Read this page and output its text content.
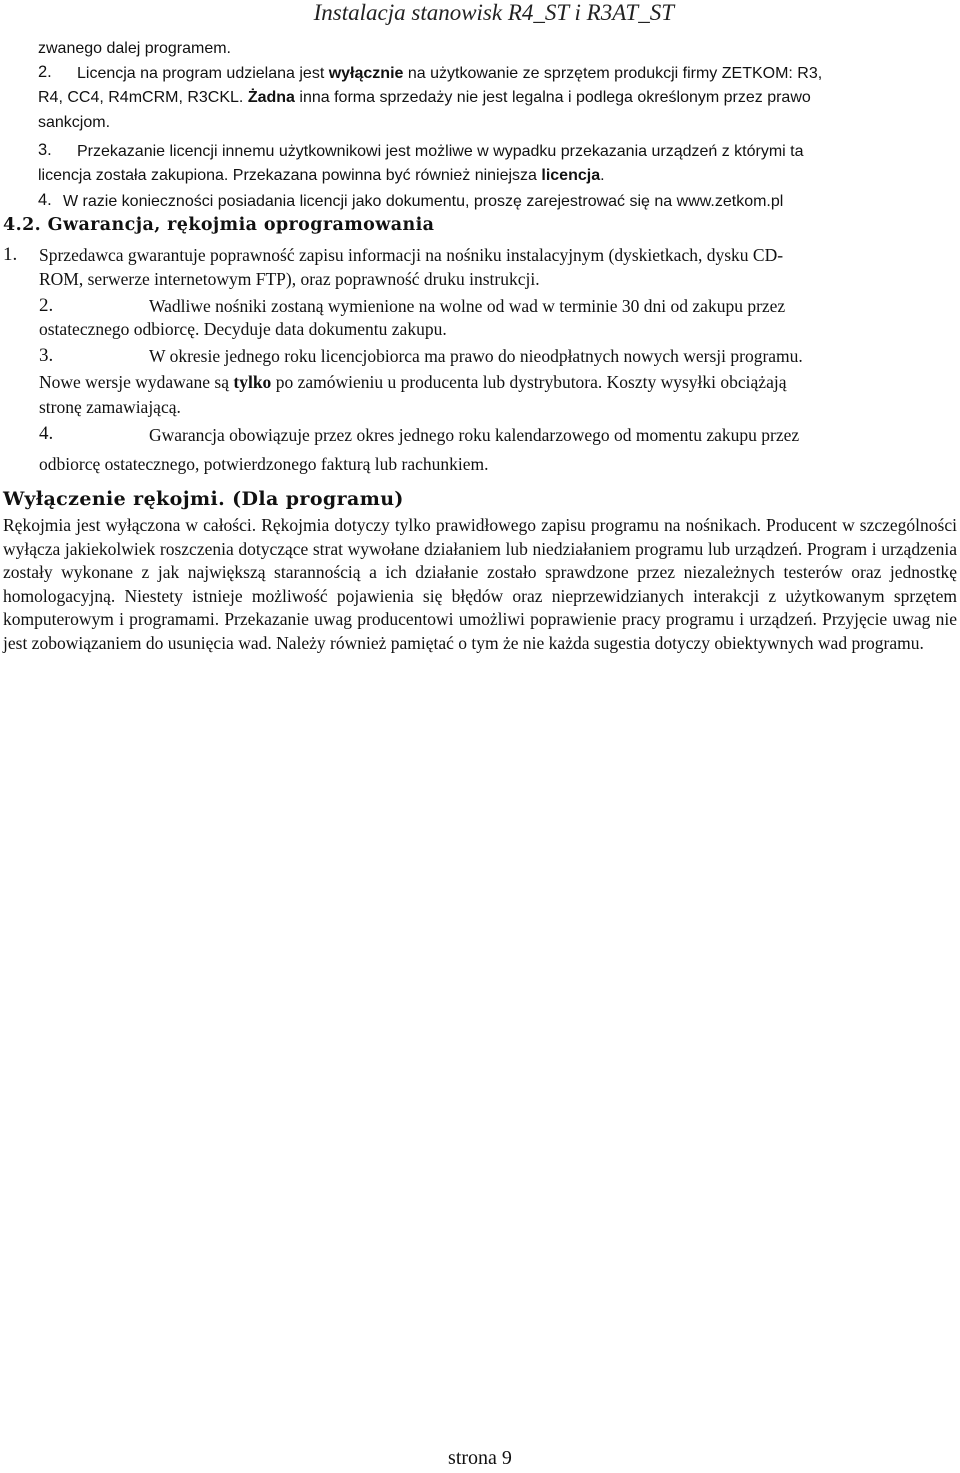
Instalacja stanowisk R4_ST i R3AT_ST
zwanego dalej programem.
2. Licencja na program udzielana jest wyłącznie na użytkowanie ze sprzętem produkcji firmy ZETKOM: R3,
R4, CC4, R4mCRM, R3CKL. Żadna inna forma sprzedaży nie jest legalna i podlega określonym przez prawo
sankcjom.
3. Przekazanie licencji innemu użytkownikowi jest możliwe w wypadku przekazania urządzeń z którymi ta
licencja została zakupiona. Przekazana powinna być również niniejsza licencja.
4. W razie konieczności posiadania licencji jako dokumentu, proszę zarejestrować się na www.zetkom.pl
4.2. Gwarancja, rękojmia oprogramowania
1. Sprzedawca gwarantuje poprawność zapisu informacji na nośniku instalacyjnym (dyskietkach, dysku CD-
ROM, serwerze internetowym FTP), oraz poprawność druku instrukcji.
2.	Wadliwe nośniki zostaną wymienione na wolne od wad w terminie 30 dni od zakupu przez
ostatecznego odbiorcę. Decyduje data dokumentu zakupu.
3.	W okresie jednego roku licencjobiorca ma prawo do nieodpłatnych nowych wersji programu.
Nowe wersje wydawane są tylko po zamówieniu u producenta lub dystrybutora. Koszty wysyłki obciążają
stronę zamawiającą.
4.	Gwarancja obowiązuje przez okres jednego roku kalendarzowego od momentu zakupu przez
odbiorcę ostatecznego, potwierdzonego fakturą lub rachunkiem.
Wyłączenie rękojmi. (Dla programu)
Rękojmia jest wyłączona w całości. Rękojmia dotyczy tylko prawidłowego zapisu programu na nośnikach. Producent w szczególności wyłącza jakiekolwiek roszczenia dotyczące strat wywołane działaniem lub niedziałaniem programu lub urządzeń. Program i urządzenia zostały wykonane z jak największą starannością a ich działanie zostało sprawdzone przez niezależnych testerów oraz jednostkę homologacyjną. Niestety istnieje możliwość pojawienia się błędów oraz nieprzewidzianych interakcji z użytkowanym sprzętem komputerowym i programami. Przekazanie uwag producentowi umożliwi poprawienie pracy programu i urządzeń. Przyjęcie uwag nie jest zobowiązaniem do usunięcia wad. Należy również pamiętać o tym że nie każda sugestia dotyczy obiektywnych wad programu.
strona 9
